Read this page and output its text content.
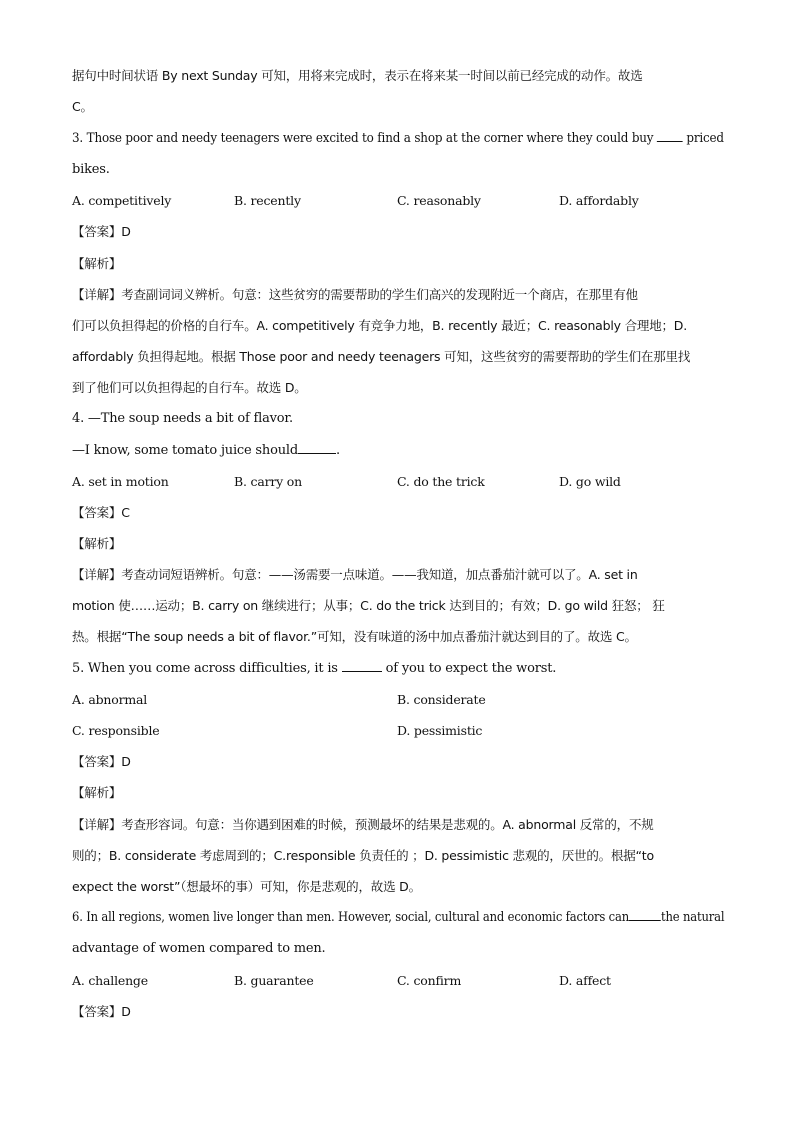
据句中时间状语 By next Sunday 可知，用将来完成时，表示在将来某一时间以前已经完成的动作。故选
C。
3. Those poor and needy teenagers were excited to find a shop at the corner where they could buy	priced
bikes.
A. competitively	B. recently	C. reasonably	D. affordably
【答案】D
【解析】
【详解】考查副词词义辨析。句意：这些贫穷的需要帮助的学生们高兴的发现附近一个商店，在那里有他
们可以负担得起的价格的自行车。A. competitively 有竞争力地，B. recently 最近；C. reasonably 合理地；D.
affordably 负担得起地。根据 Those poor and needy teenagers 可知，这些贫穷的需要帮助的学生们在那里找
到了他们可以负担得起的自行车。故选 D。
4. —The soup needs a bit of flavor.
—I know, some tomato juice should	.
A. set in motion	B. carry on	C. do the trick	D. go wild
【答案】C
【解析】
【详解】考查动词短语辨析。句意：——汤需要一点味道。——我知道，加点番茄汁就可以了。A. set in
motion 使……运动；B. carry on 继续进行；从事；C. do the trick 达到目的；有效；D. go wild 狂怒； 狂
热。根据“The soup needs a bit of flavor.”可知，没有味道的汤中加点番茄汁就达到目的了。故选 C。
5. When you come across difficulties, it is	of you to expect the worst.
A. abnormal	B. considerate
C. responsible	D. pessimistic
【答案】D
【解析】
【详解】考查形容词。句意：当你遇到困难的时候，预测最坏的结果是悲观的。A. abnormal 反常的，不规
则的；B. considerate 考虑周到的；C.responsible 负责任的 ；D. pessimistic 悲观的，厌世的。根据“to
expect the worst”（想最坏的事）可知，你是悲观的，故选 D。
6. In all regions, women live longer than men. However, social, cultural and economic factors can the natural
advantage of women compared to men.
A. challenge	B. guarantee	C. confirm	D. affect
【答案】D
